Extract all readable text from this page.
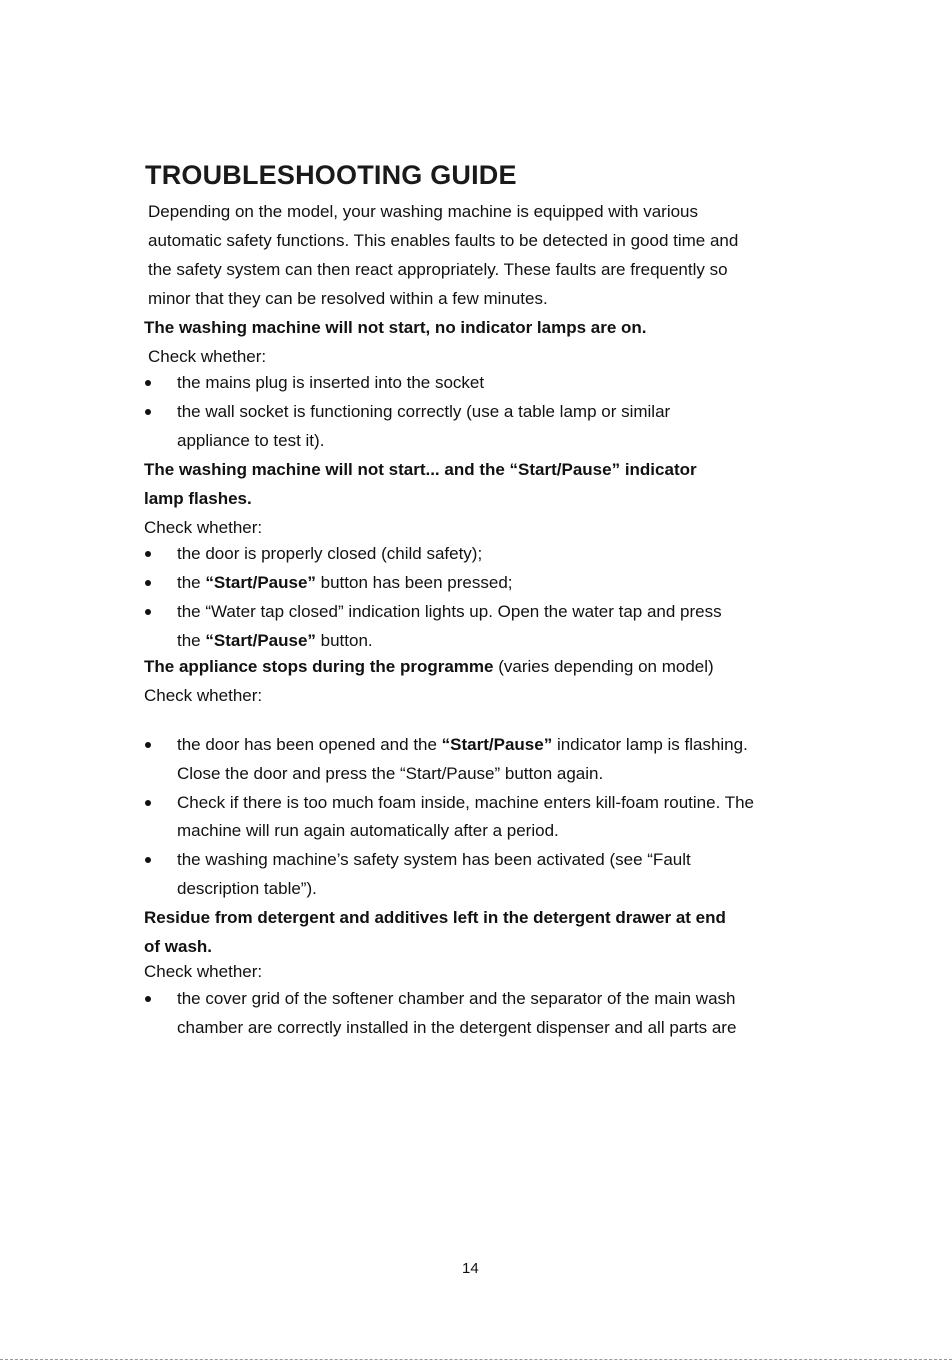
TROUBLESHOOTING GUIDE
Depending on the model, your washing machine is equipped with various
automatic safety functions. This enables faults to be detected in good time and
the safety system can then react appropriately. These faults are frequently so
minor that they can be resolved within a few minutes.
The washing machine will not start, no indicator lamps are on.
Check whether:
the mains plug is inserted into the socket
the wall socket is functioning correctly (use a table lamp or similar
appliance to test it).
The washing machine will not start... and the “Start/Pause” indicator
lamp flashes.
Check whether:
the door is properly closed (child safety);
the “Start/Pause” button has been pressed;
the “Water tap closed” indication lights up. Open the water tap and press
the “Start/Pause” button.
The appliance stops during the programme (varies depending on model)
Check whether:
the door has been opened and the “Start/Pause” indicator lamp is flashing.
Close the door and press the “Start/Pause” button again.
Check if there is too much foam inside, machine enters kill-foam routine. The
machine will run again automatically after a period.
the washing machine’s safety system has been activated (see “Fault
description table”).
Residue from detergent and additives left in the detergent drawer at end
of wash.
Check whether:
the cover grid of the softener chamber and the separator of the main wash
chamber are correctly installed in the detergent dispenser and all parts are
14
